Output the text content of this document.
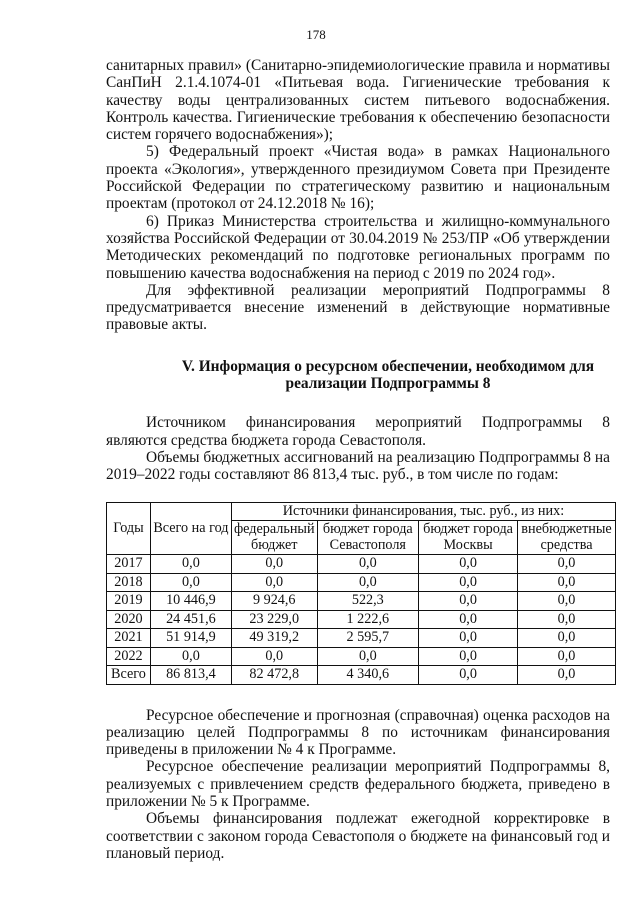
178

санитарных правил» (Санитарно-эпидемиологические правила и нормативы СанПиН 2.1.4.1074-01 «Питьевая вода. Гигиенические требования к качеству воды централизованных систем питьевого водоснабжения. Контроль качества. Гигиенические требования к обеспечению безопасности систем горячего водоснабжения»);

5) Федеральный проект «Чистая вода» в рамках Национального проекта «Экология», утвержденного президиумом Совета при Президенте Российской Федерации по стратегическому развитию и национальным проектам (протокол от 24.12.2018 № 16);

6) Приказ Министерства строительства и жилищно-коммунального хозяйства Российской Федерации от 30.04.2019 № 253/ПР «Об утверждении Методических рекомендаций по подготовке региональных программ по повышению качества водоснабжения на период с 2019 по 2024 год».

Для эффективной реализации мероприятий Подпрограммы 8 предусматривается внесение изменений в действующие нормативные правовые акты.

V. Информация о ресурсном обеспечении, необходимом для реализации Подпрограммы 8

Источником финансирования мероприятий Подпрограммы 8 являются средства бюджета города Севастополя.

Объемы бюджетных ассигнований на реализацию Подпрограммы 8 на 2019–2022 годы составляют 86 813,4 тыс. руб., в том числе по годам:

Годы	Всего на год	Источники финансирования, тыс. руб., из них:			
		федеральный бюджет	бюджет города Севастополя	бюджет города Москвы	внебюджетные средства
2017	0,0	0,0	0,0	0,0	0,0
2018	0,0	0,0	0,0	0,0	0,0
2019	10 446,9	9 924,6	522,3	0,0	0,0
2020	24 451,6	23 229,0	1 222,6	0,0	0,0
2021	51 914,9	49 319,2	2 595,7	0,0	0,0
2022	0,0	0,0	0,0	0,0	0,0
Всего	86 813,4	82 472,8	4 340,6	0,0	0,0

Ресурсное обеспечение и прогнозная (справочная) оценка расходов на реализацию целей Подпрограммы 8 по источникам финансирования приведены в приложении № 4 к Программе.

Ресурсное обеспечение реализации мероприятий Подпрограммы 8, реализуемых с привлечением средств федерального бюджета, приведено в приложении № 5 к Программе.

Объемы финансирования подлежат ежегодной корректировке в соответствии с законом города Севастополя о бюджете на финансовый год и плановый период.
